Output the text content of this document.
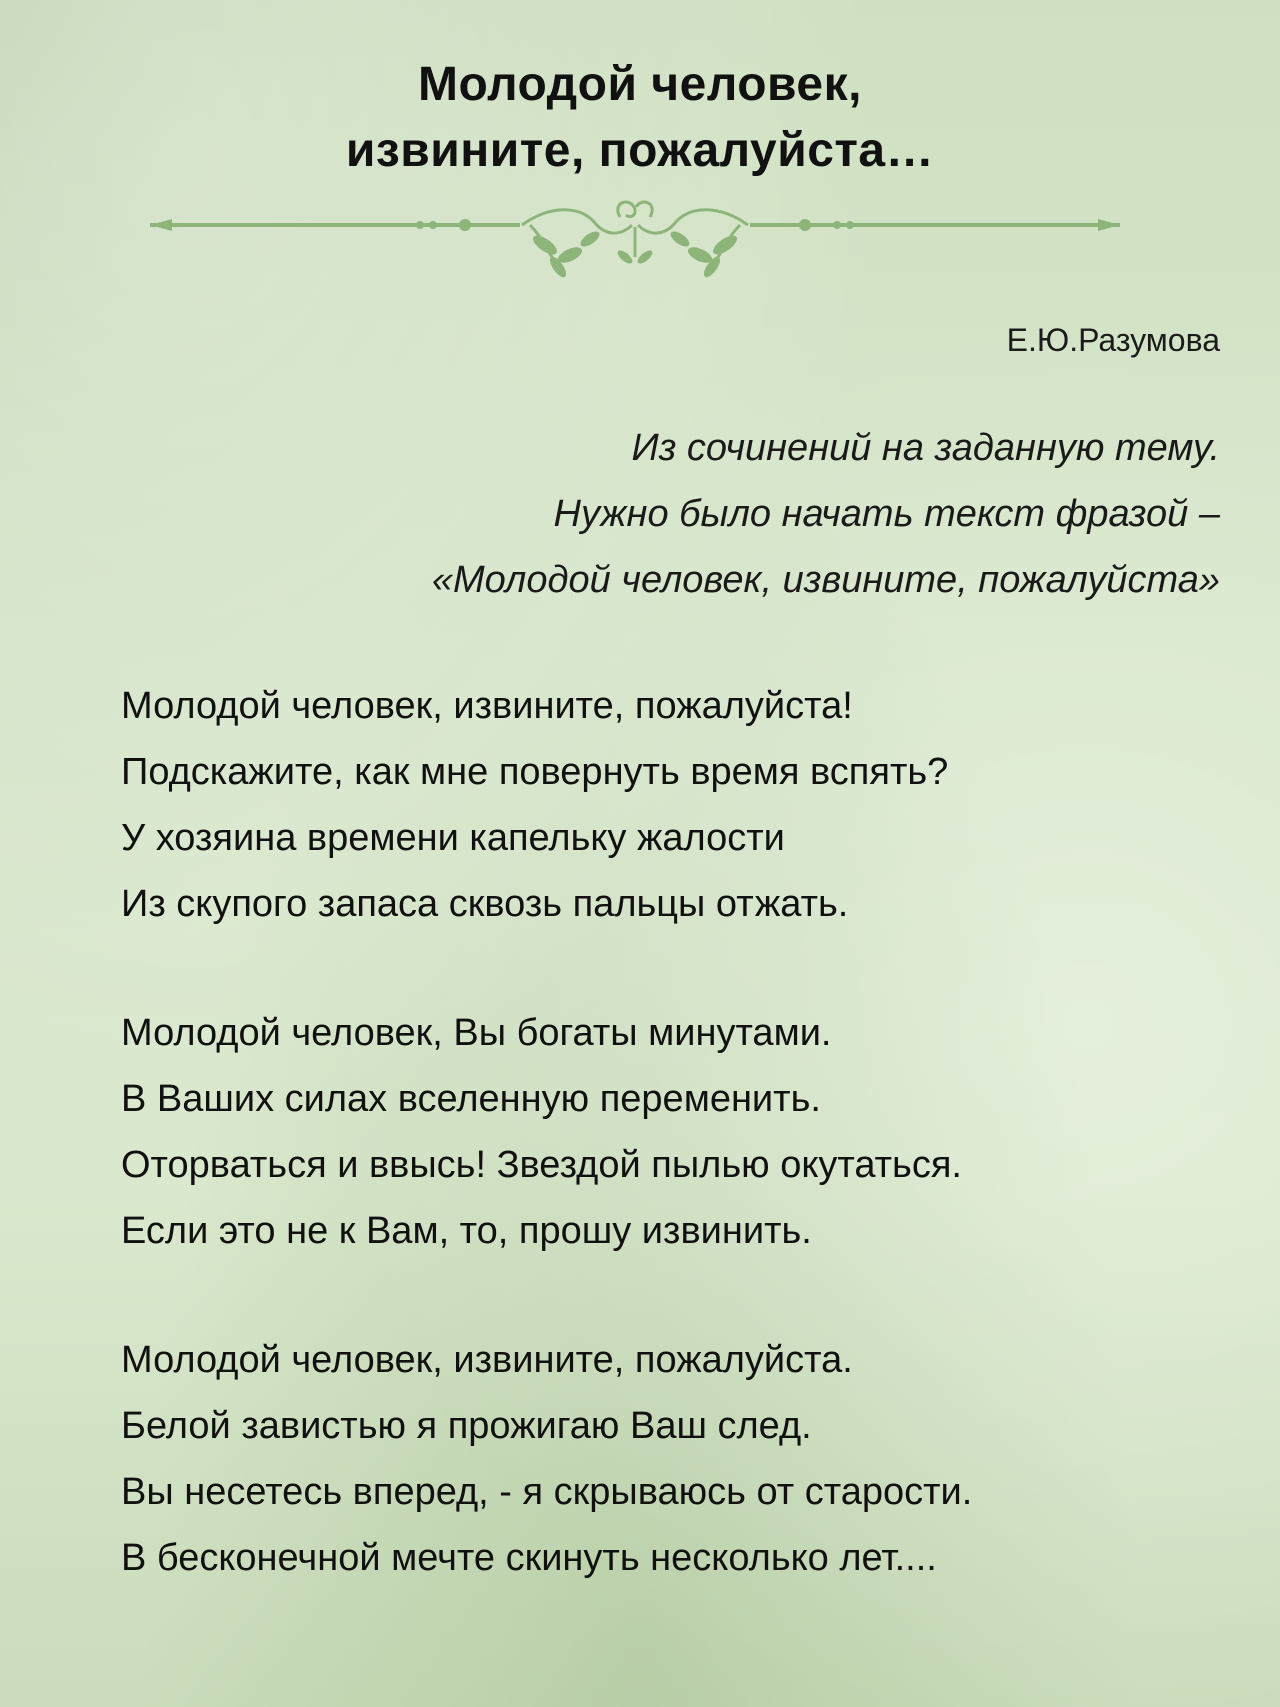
Молодой человек,
извините, пожалуйста…
Е.Ю.Разумова
Из сочинений на заданную тему.
Нужно было начать текст фразой –
«Молодой человек, извините, пожалуйста»
Молодой человек, извините, пожалуйста!
Подскажите, как мне повернуть время вспять?
У хозяина времени капельку жалости
Из скупого запаса сквозь пальцы отжать.
Молодой человек, Вы богаты минутами.
В Ваших силах вселенную переменить.
Оторваться и ввысь! Звездой пылью окутаться.
Если это не к Вам, то, прошу извинить.
Молодой человек, извините, пожалуйста.
Белой завистью я прожигаю Ваш след.
Вы несетесь вперед, - я скрываюсь от старости.
В бесконечной мечте скинуть несколько лет....
